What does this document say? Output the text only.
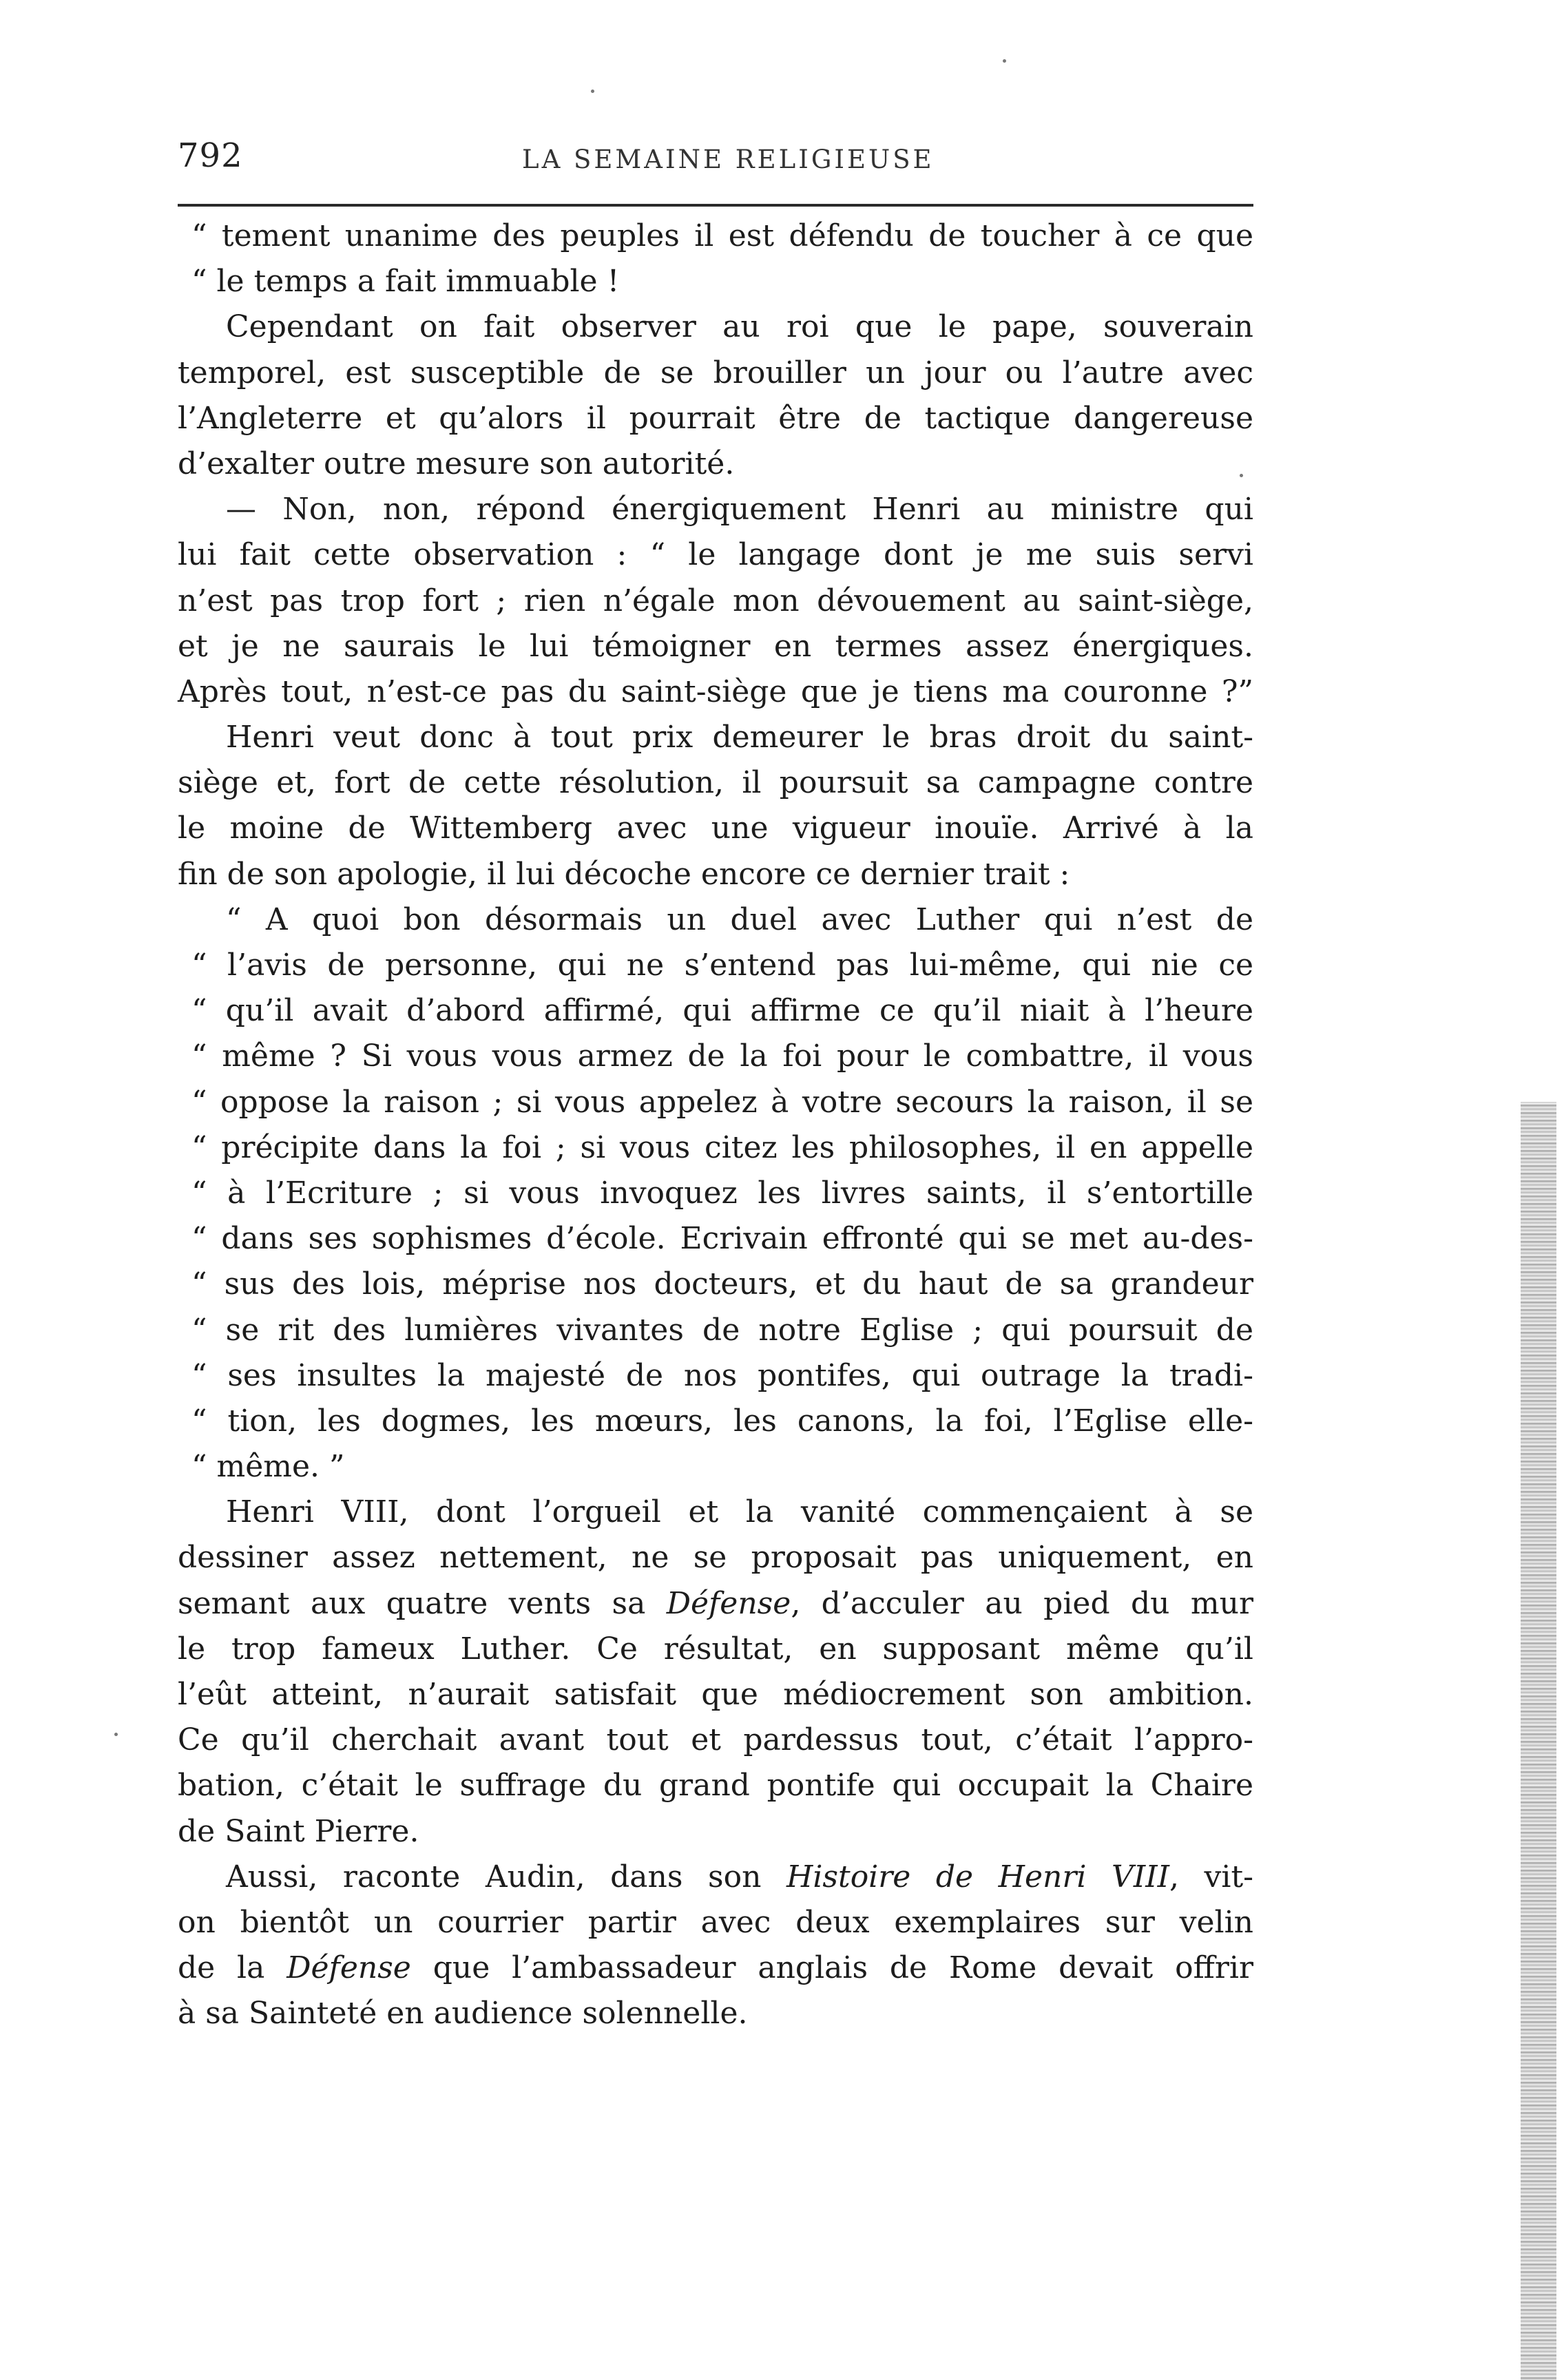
792	LA SEMAINE RELIGIEUSE
“ tement unanime des peuples il est défendu de toucher à ce que
“ le temps a fait immuable !
Cependant on fait observer au roi que le pape, souverain
temporel, est susceptible de se brouiller un jour ou l’autre avec
l’Angleterre et qu’alors il pourrait être de tactique dangereuse
d’exalter outre mesure son autorité.
— Non, non, répond énergiquement Henri au ministre qui
lui fait cette observation : “ le langage dont je me suis servi
n’est pas trop fort ; rien n’égale mon dévouement au saint-siège,
et je ne saurais le lui témoigner en termes assez énergiques.
Après tout, n’est-ce pas du saint-siège que je tiens ma couronne ?”
Henri veut donc à tout prix demeurer le bras droit du saint-
siège et, fort de cette résolution, il poursuit sa campagne contre
le moine de Wittemberg avec une vigueur inouïe. Arrivé à la
fin de son apologie, il lui décoche encore ce dernier trait :
“ A quoi bon désormais un duel avec Luther qui n’est de
“ l’avis de personne, qui ne s’entend pas lui-même, qui nie ce
“ qu’il avait d’abord affirmé, qui affirme ce qu’il niait à l’heure
“ même ? Si vous vous armez de la foi pour le combattre, il vous
“ oppose la raison ; si vous appelez à votre secours la raison, il se
“ précipite dans la foi ; si vous citez les philosophes, il en appelle
“ à l’Ecriture ; si vous invoquez les livres saints, il s’entortille
“ dans ses sophismes d’école. Ecrivain effronté qui se met au-des-
“ sus des lois, méprise nos docteurs, et du haut de sa grandeur
“ se rit des lumières vivantes de notre Eglise ; qui poursuit de
“ ses insultes la majesté de nos pontifes, qui outrage la tradi-
“ tion, les dogmes, les mœurs, les canons, la foi, l’Eglise elle-
“ même. ”
Henri VIII, dont l’orgueil et la vanité commençaient à se
dessiner assez nettement, ne se proposait pas uniquement, en
semant aux quatre vents sa Défense, d’acculer au pied du mur
le trop fameux Luther. Ce résultat, en supposant même qu’il
l’eût atteint, n’aurait satisfait que médiocrement son ambition.
Ce qu’il cherchait avant tout et pardessus tout, c’était l’appro-
bation, c’était le suffrage du grand pontife qui occupait la Chaire
de Saint Pierre.
Aussi, raconte Audin, dans son Histoire de Henri VIII, vit-
on bientôt un courrier partir avec deux exemplaires sur velin
de la Défense que l’ambassadeur anglais de Rome devait offrir
à sa Sainteté en audience solennelle.
